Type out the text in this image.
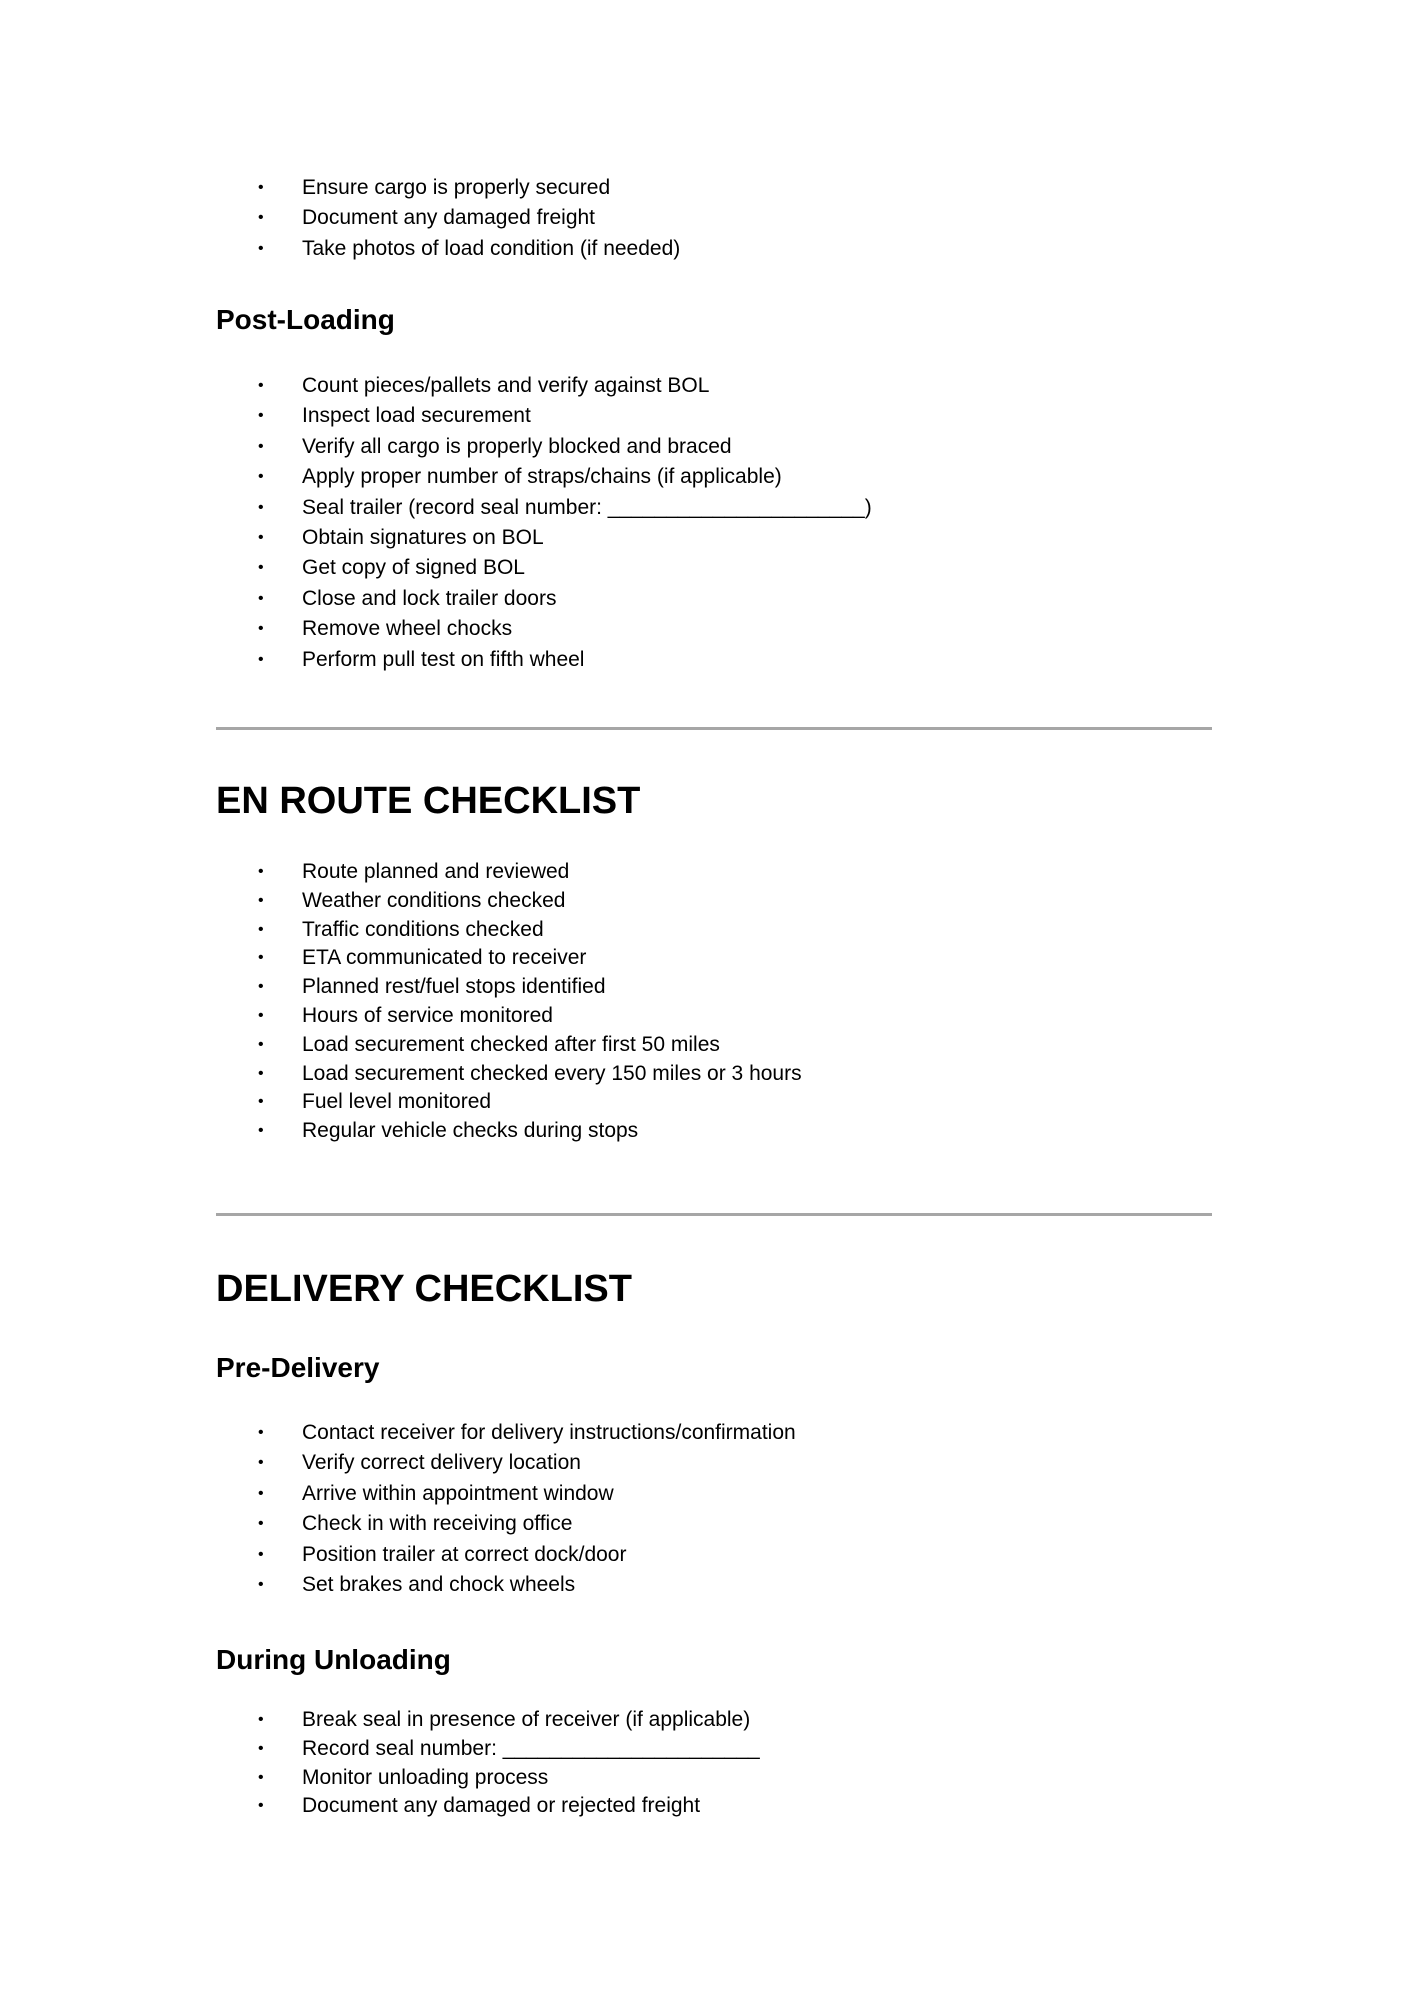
• Ensure cargo is properly secured
• Document any damaged freight
• Take photos of load condition (if needed)
Post-Loading
• Count pieces/pallets and verify against BOL
• Inspect load securement
• Verify all cargo is properly blocked and braced
• Apply proper number of straps/chains (if applicable)
• Seal trailer (record seal number: ______________________)
• Obtain signatures on BOL
• Get copy of signed BOL
• Close and lock trailer doors
• Remove wheel chocks
• Perform pull test on fifth wheel
EN ROUTE CHECKLIST
• Route planned and reviewed
• Weather conditions checked
• Traffic conditions checked
• ETA communicated to receiver
• Planned rest/fuel stops identified
• Hours of service monitored
• Load securement checked after first 50 miles
• Load securement checked every 150 miles or 3 hours
• Fuel level monitored
• Regular vehicle checks during stops
DELIVERY CHECKLIST
Pre-Delivery
• Contact receiver for delivery instructions/confirmation
• Verify correct delivery location
• Arrive within appointment window
• Check in with receiving office
• Position trailer at correct dock/door
• Set brakes and chock wheels
During Unloading
• Break seal in presence of receiver (if applicable)
• Record seal number: ______________________
• Monitor unloading process
• Document any damaged or rejected freight
